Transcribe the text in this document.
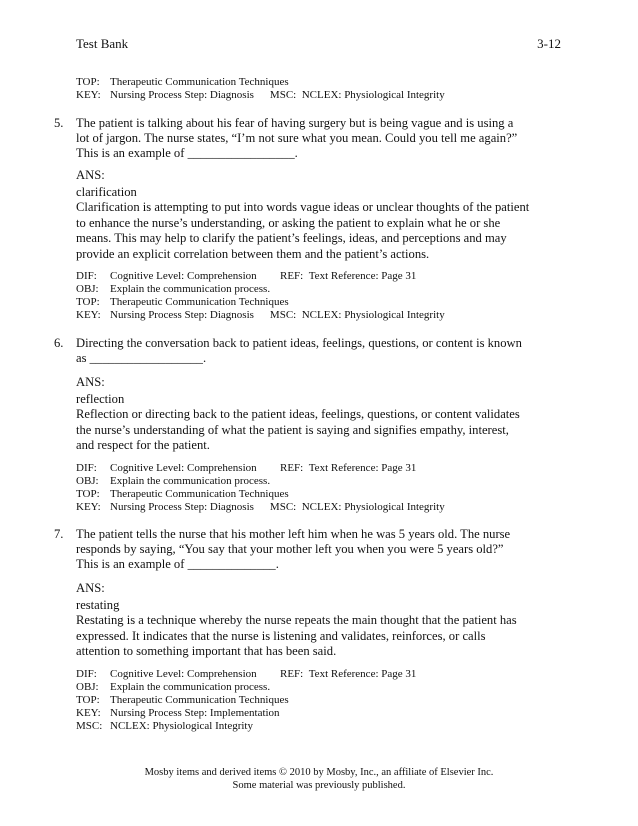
Test Bank	3-12
TOP: Therapeutic Communication Techniques
KEY: Nursing Process Step: Diagnosis MSC: NCLEX: Physiological Integrity
5. The patient is talking about his fear of having surgery but is being vague and is using a
lot of jargon. The nurse states, “I’m not sure what you mean. Could you tell me again?”
This is an example of _________________.
ANS:
clarification
Clarification is attempting to put into words vague ideas or unclear thoughts of the patient
to enhance the nurse’s understanding, or asking the patient to explain what he or she
means. This may help to clarify the patient’s feelings, ideas, and perceptions and may
provide an explicit correlation between them and the patient’s actions.
DIF: Cognitive Level: Comprehension REF: Text Reference: Page 31
OBJ: Explain the communication process.
TOP: Therapeutic Communication Techniques
KEY: Nursing Process Step: Diagnosis MSC: NCLEX: Physiological Integrity
6. Directing the conversation back to patient ideas, feelings, questions, or content is known
as __________________.
ANS:
reflection
Reflection or directing back to the patient ideas, feelings, questions, or content validates
the nurse’s understanding of what the patient is saying and signifies empathy, interest,
and respect for the patient.
DIF: Cognitive Level: Comprehension REF: Text Reference: Page 31
OBJ: Explain the communication process.
TOP: Therapeutic Communication Techniques
KEY: Nursing Process Step: Diagnosis MSC: NCLEX: Physiological Integrity
7. The patient tells the nurse that his mother left him when he was 5 years old. The nurse
responds by saying, “You say that your mother left you when you were 5 years old?”
This is an example of ______________.
ANS:
restating
Restating is a technique whereby the nurse repeats the main thought that the patient has
expressed. It indicates that the nurse is listening and validates, reinforces, or calls
attention to something important that has been said.
DIF: Cognitive Level: Comprehension REF: Text Reference: Page 31
OBJ: Explain the communication process.
TOP: Therapeutic Communication Techniques
KEY: Nursing Process Step: Implementation
MSC: NCLEX: Physiological Integrity
Mosby items and derived items © 2010 by Mosby, Inc., an affiliate of Elsevier Inc.
Some material was previously published.
